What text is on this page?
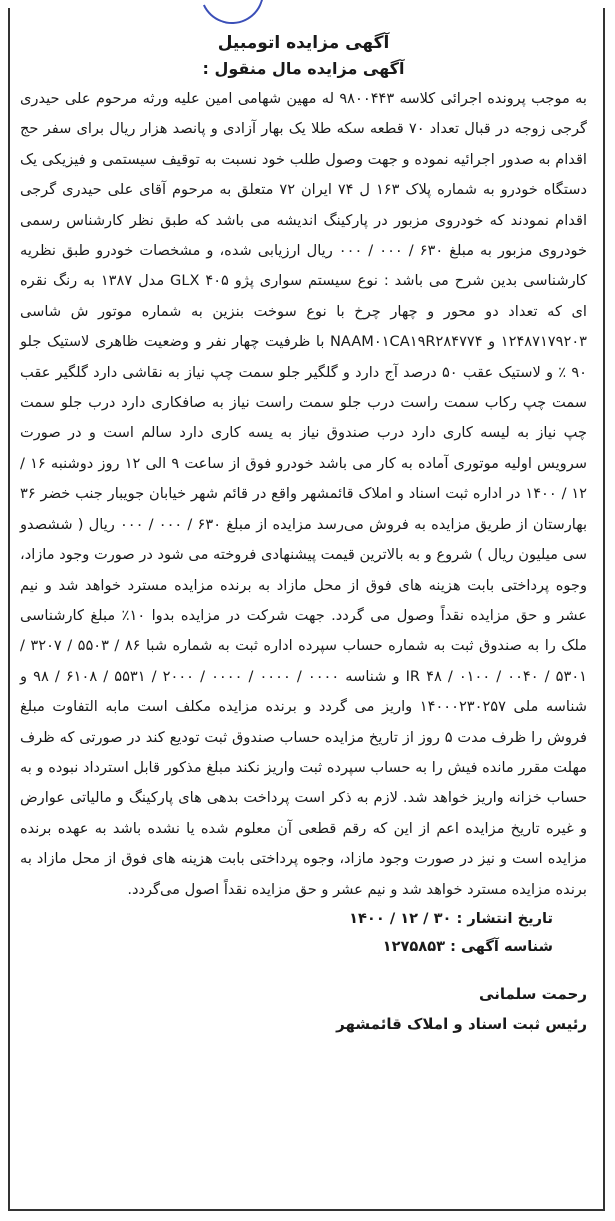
آگهی مزایده اتومبیل

آگهی مزایده مال منقول :

به موجب پرونده اجرائی کلاسه ۹۸۰۰۴۴۳ له مهین شهامی امین علیه ورثه مرحوم علی حیدری گرجی زوجه در قبال تعداد ۷۰ قطعه سکه طلا یک بهار آزادی و پانصد هزار ریال برای سفر حج اقدام به صدور اجرائیه نموده و جهت وصول طلب خود نسبت به توقیف سیستمی و فیزیکی یک دستگاه خودرو به شماره پلاک ۱۶۳ ل ۷۴ ایران ۷۲ متعلق به مرحوم آقای علی حیدری گرجی اقدام نمودند که خودروی مزبور در پارکینگ اندیشه می باشد که طبق نظر کارشناس رسمی خودروی مزبور به مبلغ ۶۳۰ / ۰۰۰ / ۰۰۰ ریال ارزیابی شده، و مشخصات خودرو طبق نظریه کارشناسی بدین شرح می باشد : نوع سیستم سواری پژو ۴۰۵ GLX مدل ۱۳۸۷ به رنگ نقره ای که تعداد دو محور و چهار چرخ با نوع سوخت بنزین به شماره موتور ش شاسی ۱۲۴۸۷۱۷۹۲۰۳ و NAAM۰۱CA۱۹R۲۸۴۷۷۴ با ظرفیت چهار نفر و وضعیت ظاهری لاستیک جلو ۹۰ ٪ و لاستیک عقب ۵۰ درصد آج دارد و گلگیر جلو سمت چپ نیاز به نقاشی دارد گلگیر عقب سمت چپ رکاب سمت راست درب جلو سمت راست نیاز به صافکاری دارد درب جلو سمت چپ نیاز به لیسه کاری دارد درب صندوق نیاز به یسه کاری دارد سالم است و در صورت سرویس اولیه موتوری آماده به کار می باشد خودرو فوق از ساعت ۹ الی ۱۲ روز دوشنبه ۱۶ / ۱۲ / ۱۴۰۰ در اداره ثبت اسناد و املاک قائمشهر واقع در قائم شهر خیابان جویبار جنب خضر ۳۶ بهارستان از طریق مزایده به فروش می‌رسد مزایده از مبلغ ۶۳۰ / ۰۰۰ / ۰۰۰ ریال ( ششصدو سی میلیون ریال ) شروع و به بالاترین قیمت پیشنهادی فروخته می شود در صورت وجود مازاد، وجوه پرداختی بابت هزینه های فوق از محل مازاد به برنده مزایده مسترد خواهد شد و نیم عشر و حق مزایده نقداً وصول می گردد. جهت شرکت در مزایده بدوا ۱۰٪ مبلغ کارشناسی ملک را به صندوق ثبت به شماره حساب سپرده اداره ثبت به شماره شبا ۸۶ / ۵۵۰۳ / ۳۲۰۷ / ۵۳۰۱ / ۰۰۴۰ / ۰۱۰۰ / ۴۸ IR و شناسه ۰۰۰۰ / ۰۰۰۰ / ۰۰۰۰ / ۲۰۰۰ / ۵۵۳۱ / ۶۱۰۸ / ۹۸ و شناسه ملی ۱۴۰۰۰۲۳۰۲۵۷ واریز می گردد و برنده مزایده مکلف است مابه التفاوت مبلغ فروش را ظرف مدت ۵ روز از تاریخ مزایده حساب صندوق ثبت تودیع کند در صورتی که ظرف مهلت مقرر مانده فیش را به حساب سپرده ثبت واریز نکند مبلغ مذکور قابل استرداد نبوده و به حساب خزانه واریز خواهد شد. لازم به ذکر است پرداخت بدهی های پارکینگ و مالیاتی عوارض و غیره تاریخ مزایده اعم از این که رقم قطعی آن معلوم شده یا نشده باشد به عهده برنده مزایده است و نیز در صورت وجود مازاد، وجوه پرداختی بابت هزینه های فوق از محل مازاد به برنده مزایده مسترد خواهد شد و نیم عشر و حق مزایده نقداً اصول می‌گردد.

تاریخ انتشار : ۳۰ / ۱۲ / ۱۴۰۰

شناسه آگهی : ۱۲۷۵۸۵۳

رحمت سلمانی

رئیس ثبت اسناد و املاک قائمشهر
